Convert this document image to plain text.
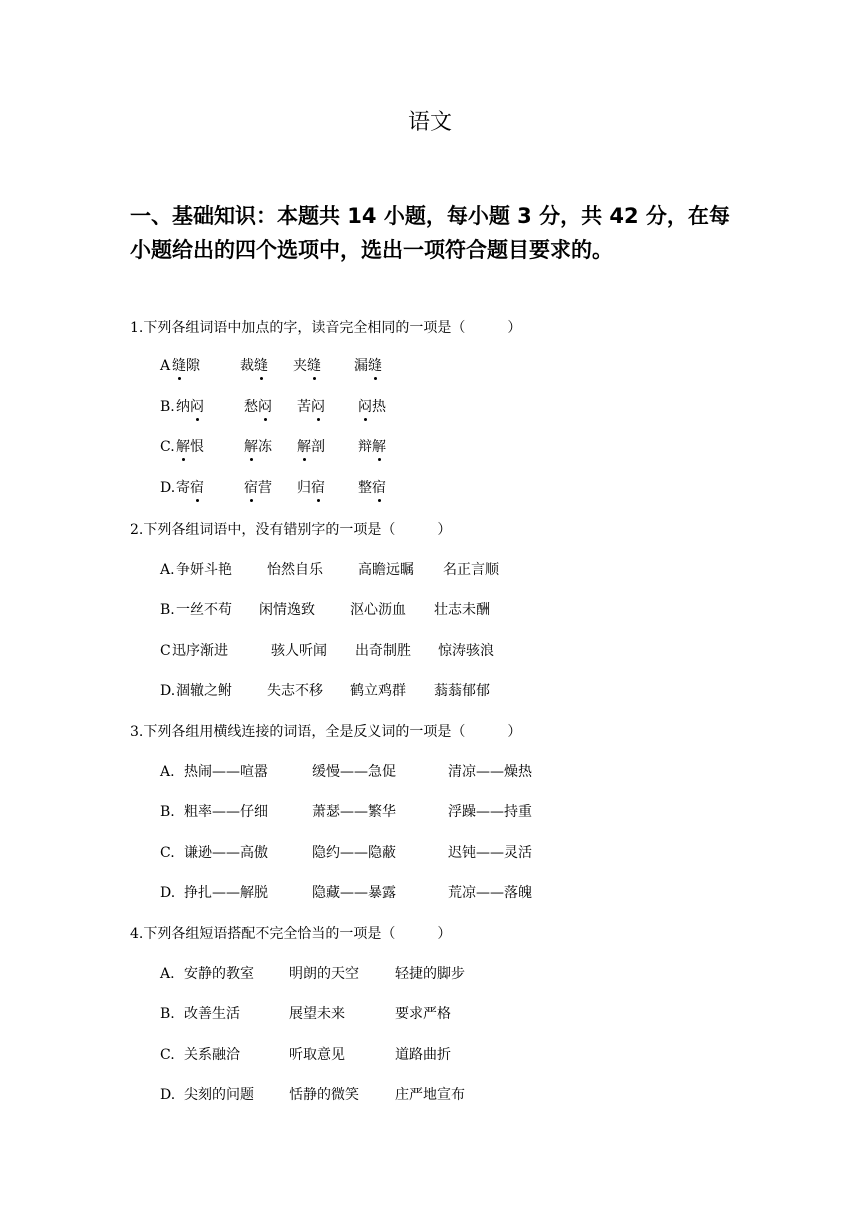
语文
一、基础知识：本题共 14 小题，每小题 3 分，共 42 分，在每小题给出的四个选项中，选出一项符合题目要求的。
1.下列各组词语中加点的字，读音完全相同的一项是（　　　）
A 缝隙	裁缝 夹缝 漏缝
B. 纳闷	愁闷 苦闷 闷热
C. 解恨	解冻 解剖 辩解
D. 寄宿	宿营 归宿 整宿
2.下列各组词语中，没有错别字的一项是（　　　）
A. 争妍斗艳	怡然自乐	高瞻远瞩 名正言顺
B. 一丝不苟 闲情逸致	沤心沥血 壮志未酬
C 迅序渐进	骇人听闻 出奇制胜 惊涛骇浪
D. 涸辙之鲋	失志不移 鹤立鸡群 蓊蓊郁郁
3.下列各组用横线连接的词语，全是反义词的一项是（　　　）
A. 热闹——喧嚣	缓慢——急促	清凉——燥热
B. 粗率——仔细	萧瑟——繁华	浮躁——持重
C. 谦逊——高傲	隐约——隐蔽	迟钝——灵活
D. 挣扎——解脱	隐藏——暴露	荒凉——落魄
4.下列各组短语搭配不完全恰当的一项是（　　　）
A. 安静的教室	明朗的天空	轻捷的脚步
B. 改善生活	展望未来	要求严格
C. 关系融洽	听取意见	道路曲折
D. 尖刻的问题	恬静的微笑	庄严地宣布
